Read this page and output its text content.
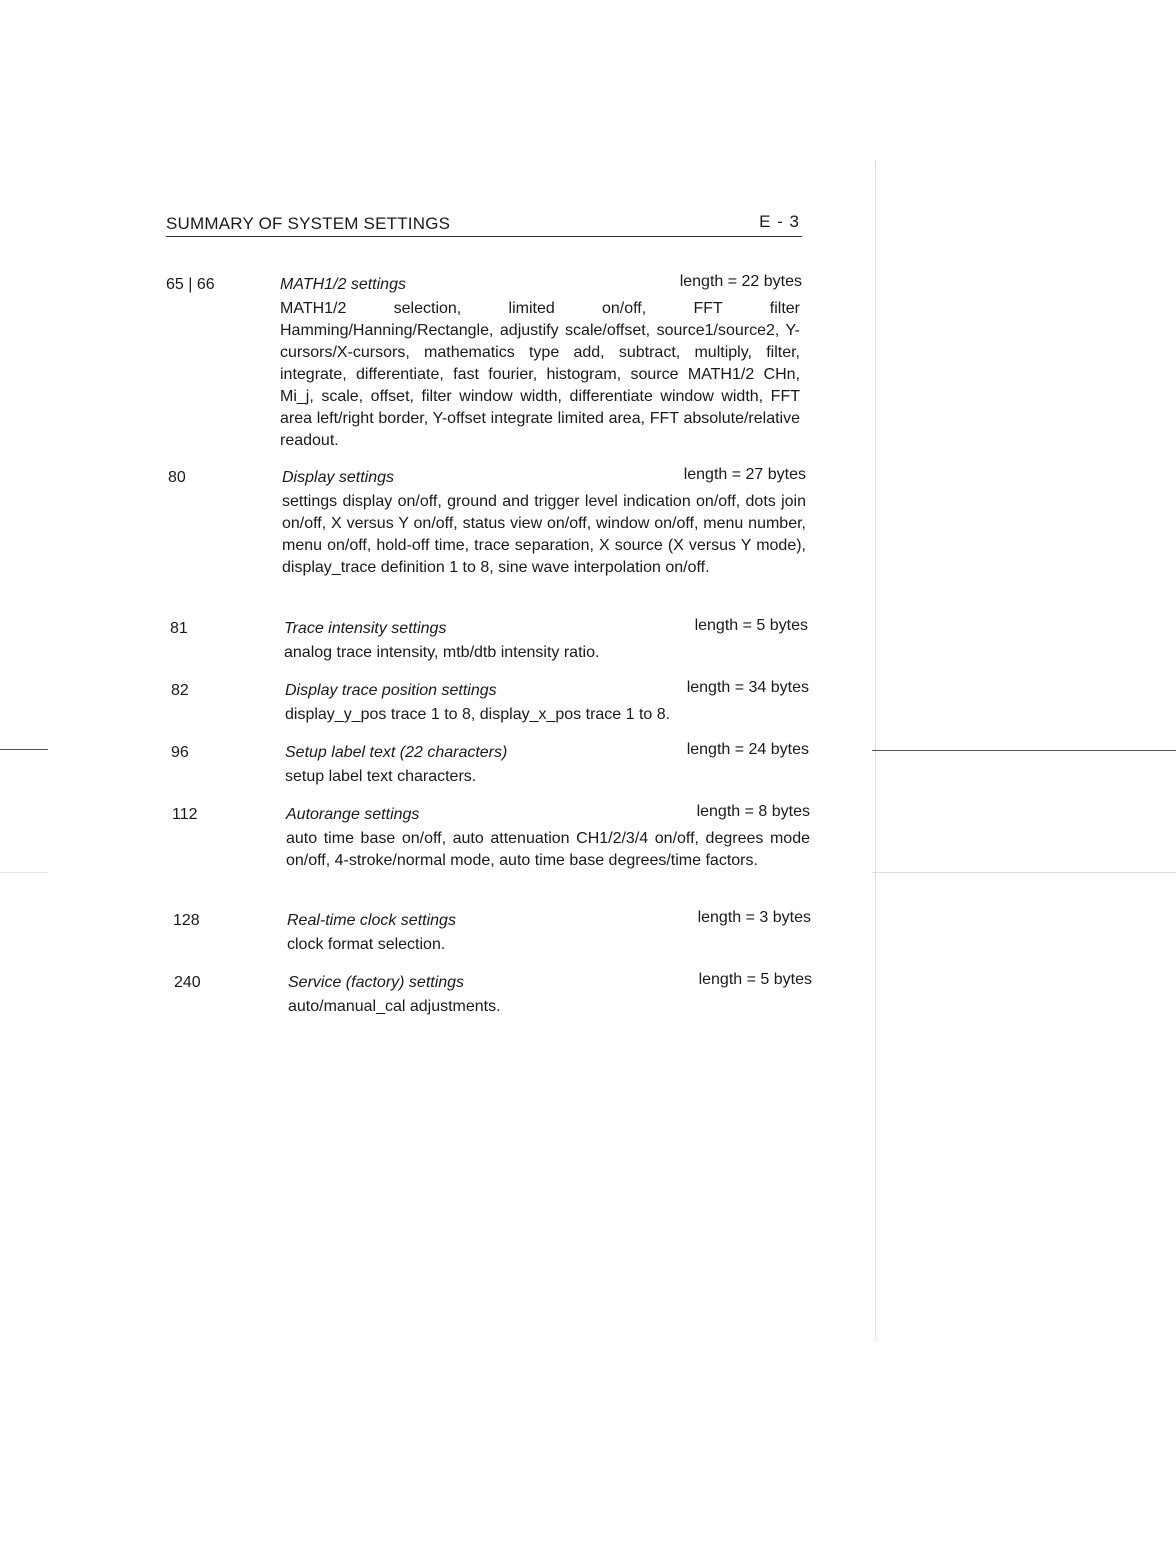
SUMMARY OF SYSTEM SETTINGS	E - 3
65 | 66	MATH1/2 settings	length = 22 bytes
MATH1/2 selection, limited on/off, FFT filter Hamming/Hanning/Rectangle, adjustify scale/offset, source1/source2, Y-cursors/X-cursors, mathematics type add, subtract, multiply, filter, integrate, differentiate, fast fourier, histogram, source MATH1/2 CHn, Mi_j, scale, offset, filter window width, differentiate window width, FFT area left/right border, Y-offset integrate limited area, FFT absolute/relative readout.
80	Display settings	length = 27 bytes
settings display on/off, ground and trigger level indication on/off, dots join on/off, X versus Y on/off, status view on/off, window on/off, menu number, menu on/off, hold-off time, trace separation, X source (X versus Y mode), display_trace definition 1 to 8, sine wave interpolation on/off.
81	Trace intensity settings	length = 5 bytes
analog trace intensity, mtb/dtb intensity ratio.
82	Display trace position settings	length = 34 bytes
display_y_pos trace 1 to 8, display_x_pos trace 1 to 8.
96	Setup label text (22 characters)	length = 24 bytes
setup label text characters.
112	Autorange settings	length = 8 bytes
auto time base on/off, auto attenuation CH1/2/3/4 on/off, degrees mode on/off, 4-stroke/normal mode, auto time base degrees/time factors.
128	Real-time clock settings	length = 3 bytes
clock format selection.
240	Service (factory) settings	length = 5 bytes
auto/manual_cal adjustments.
